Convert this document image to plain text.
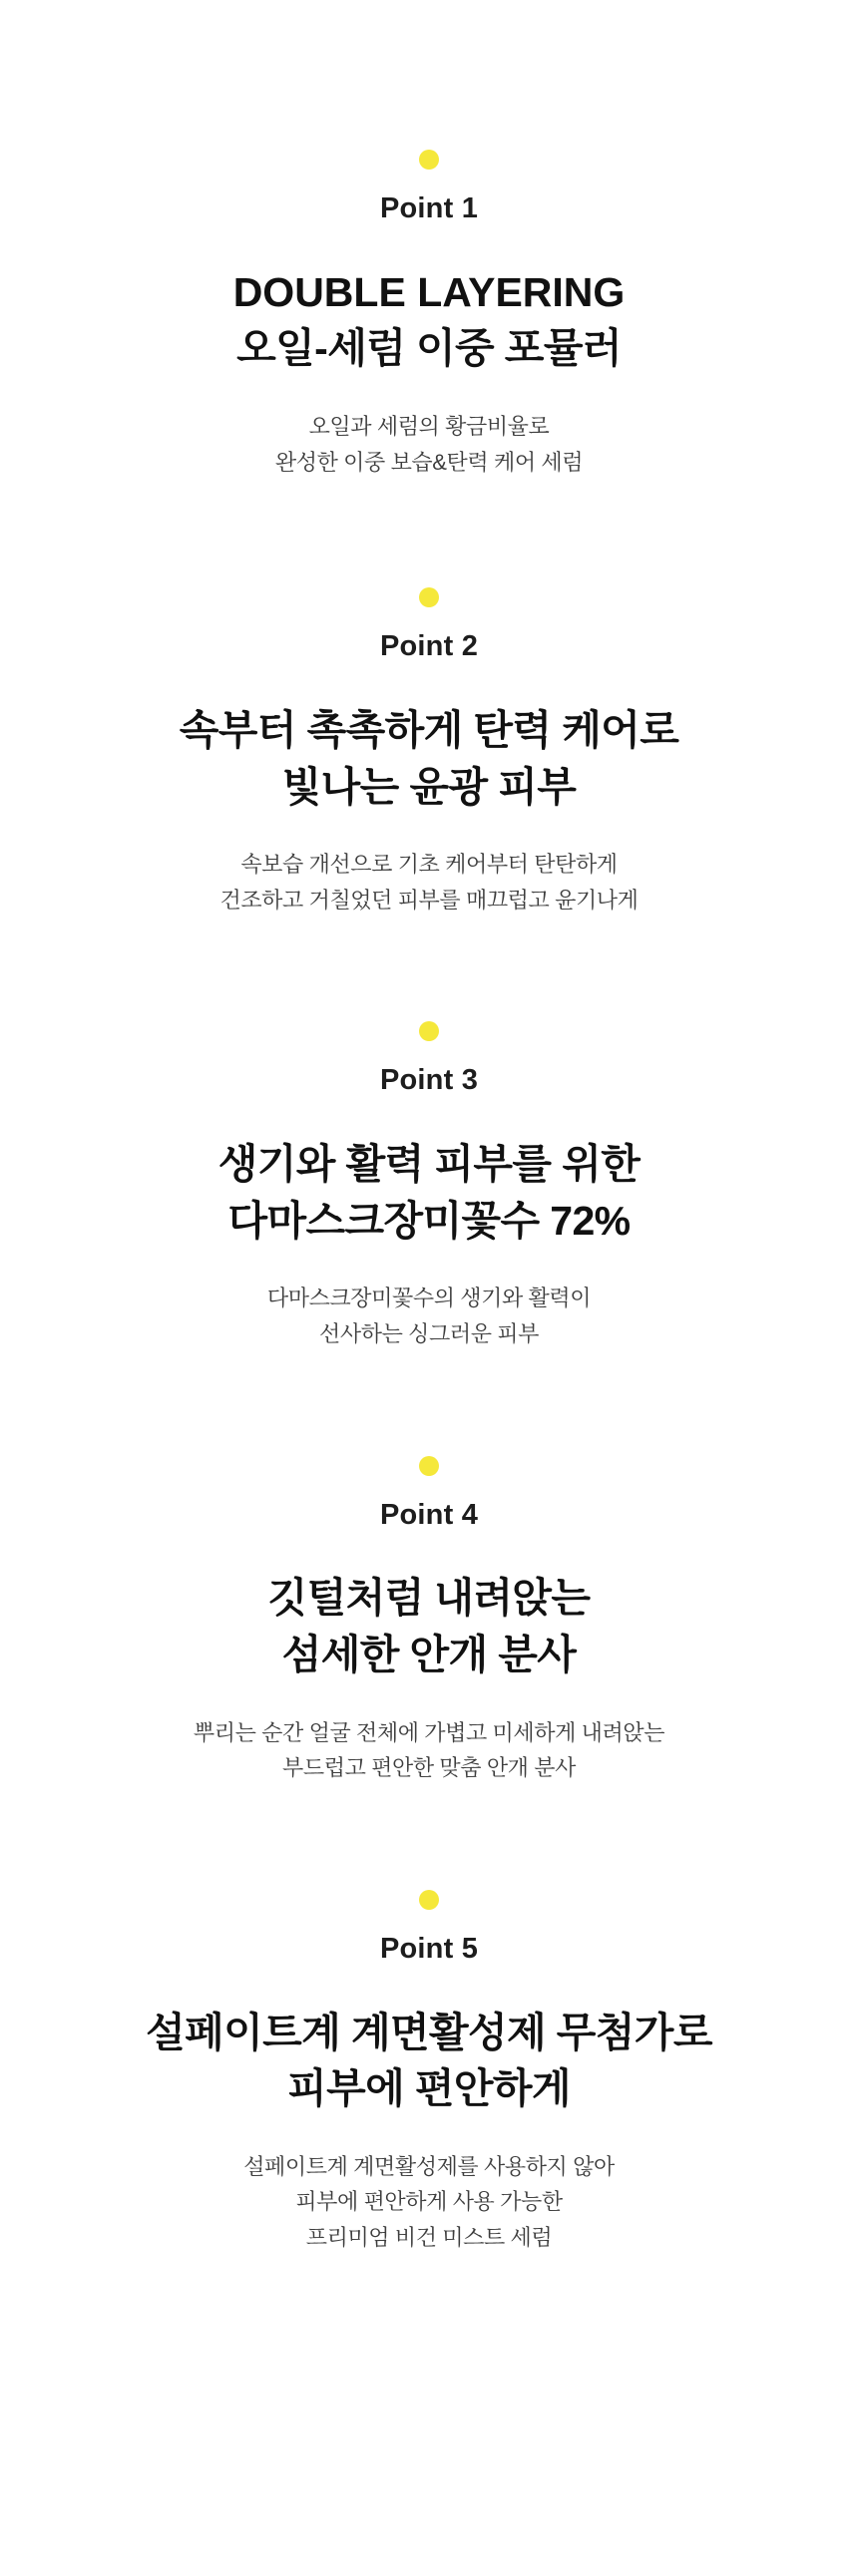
Point 1
DOUBLE LAYERING
오일-세럼 이중 포뮬러

오일과 세럼의 황금비율로
완성한 이중 보습&탄력 케어 세럼

Point 2
속부터 촉촉하게 탄력 케어로
빛나는 윤광 피부

속보습 개선으로 기초 케어부터 탄탄하게
건조하고 거칠었던 피부를 매끄럽고 윤기나게

Point 3
생기와 활력 피부를 위한
다마스크장미꽃수 72%

다마스크장미꽃수의 생기와 활력이
선사하는 싱그러운 피부

Point 4
깃털처럼 내려앉는
섬세한 안개 분사

뿌리는 순간 얼굴 전체에 가볍고 미세하게 내려앉는
부드럽고 편안한 맞춤 안개 분사

Point 5
설페이트계 계면활성제 무첨가로
피부에 편안하게

설페이트계 계면활성제를 사용하지 않아
피부에 편안하게 사용 가능한
프리미엄 비건 미스트 세럼
